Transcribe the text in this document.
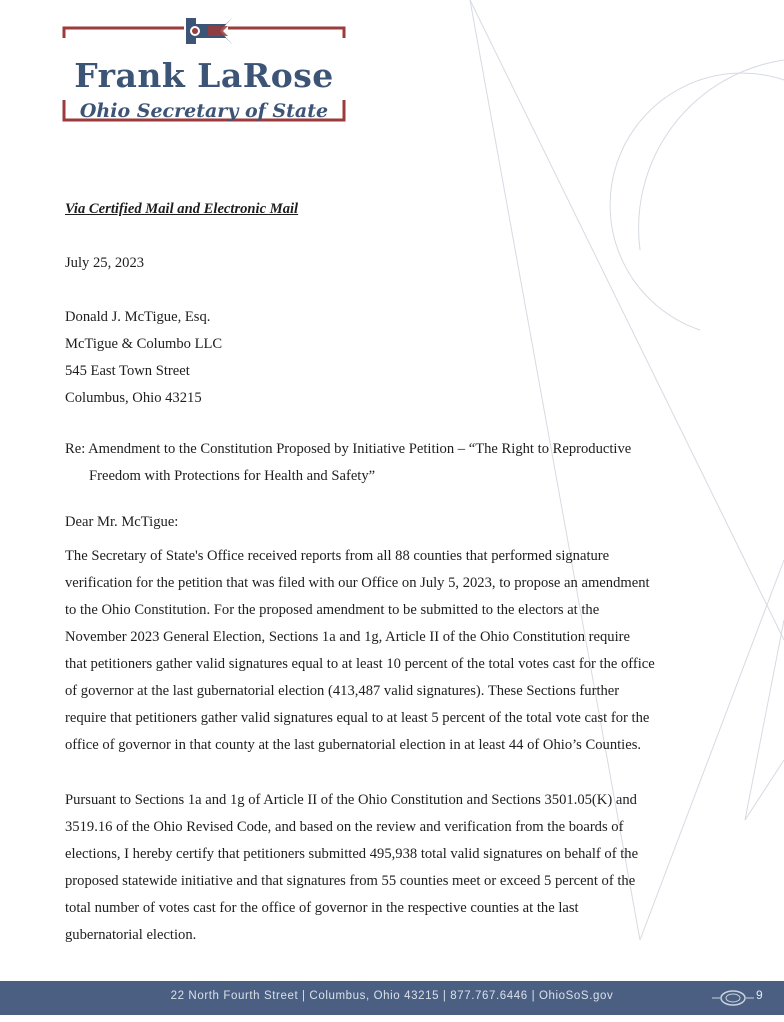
Frank LaRose
Ohio Secretary of State
Via Certified Mail and Electronic Mail
July 25, 2023
Donald J. McTigue, Esq.
McTigue & Columbo LLC
545 East Town Street
Columbus, Ohio 43215
Re: Amendment to the Constitution Proposed by Initiative Petition – “The Right to Reproductive
Freedom with Protections for Health and Safety”
Dear Mr. McTigue:
The Secretary of State's Office received reports from all 88 counties that performed signature
verification for the petition that was filed with our Office on July 5, 2023, to propose an amendment
to the Ohio Constitution. For the proposed amendment to be submitted to the electors at the
November 2023 General Election, Sections 1a and 1g, Article II of the Ohio Constitution require
that petitioners gather valid signatures equal to at least 10 percent of the total votes cast for the office
of governor at the last gubernatorial election (413,487 valid signatures). These Sections further
require that petitioners gather valid signatures equal to at least 5 percent of the total vote cast for the
office of governor in that county at the last gubernatorial election in at least 44 of Ohio’s Counties.
Pursuant to Sections 1a and 1g of Article II of the Ohio Constitution and Sections 3501.05(K) and
3519.16 of the Ohio Revised Code, and based on the review and verification from the boards of
elections, I hereby certify that petitioners submitted 495,938 total valid signatures on behalf of the
proposed statewide initiative and that signatures from 55 counties meet or exceed 5 percent of the
total number of votes cast for the office of governor in the respective counties at the last
gubernatorial election.
22 North Fourth Street | Columbus, Ohio 43215 | 877.767.6446 | OhioSoS.gov	9
